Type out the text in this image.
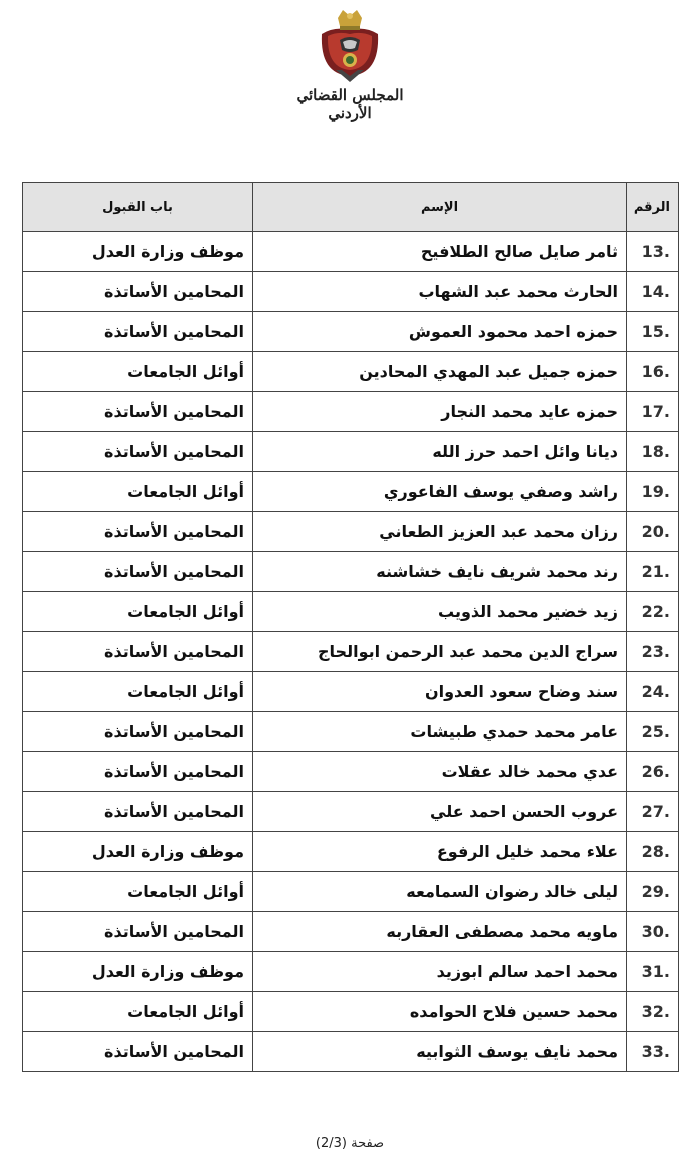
المجلس القضائي الأردني
الرقم	الإسم	باب القبول
13.	ثامر صايل صالح الطلافيح	موظف وزارة العدل
14.	الحارث محمد عبد الشهاب	المحامين الأساتذة
15.	حمزه احمد محمود العموش	المحامين الأساتذة
16.	حمزه جميل عبد المهدي المحادين	أوائل الجامعات
17.	حمزه عايد محمد النجار	المحامين الأساتذة
18.	ديانا وائل احمد حرز الله	المحامين الأساتذة
19.	راشد وصفي يوسف الفاعوري	أوائل الجامعات
20.	رزان محمد عبد العزيز الطعاني	المحامين الأساتذة
21.	رند محمد شريف نايف خشاشنه	المحامين الأساتذة
22.	زيد خضير محمد الذويب	أوائل الجامعات
23.	سراج الدين محمد عبد الرحمن ابوالحاج	المحامين الأساتذة
24.	سند وضاح سعود العدوان	أوائل الجامعات
25.	عامر محمد حمدي طبيشات	المحامين الأساتذة
26.	عدي محمد خالد عقلات	المحامين الأساتذة
27.	عروب الحسن احمد علي	المحامين الأساتذة
28.	علاء محمد خليل الرفوع	موظف وزارة العدل
29.	ليلى خالد رضوان السمامعه	أوائل الجامعات
30.	ماويه محمد مصطفى العقاربه	المحامين الأساتذة
31.	محمد احمد سالم ابوزيد	موظف وزارة العدل
32.	محمد حسين فلاح الحوامده	أوائل الجامعات
33.	محمد نايف يوسف الثوابيه	المحامين الأساتذة
صفحة (2/3)
